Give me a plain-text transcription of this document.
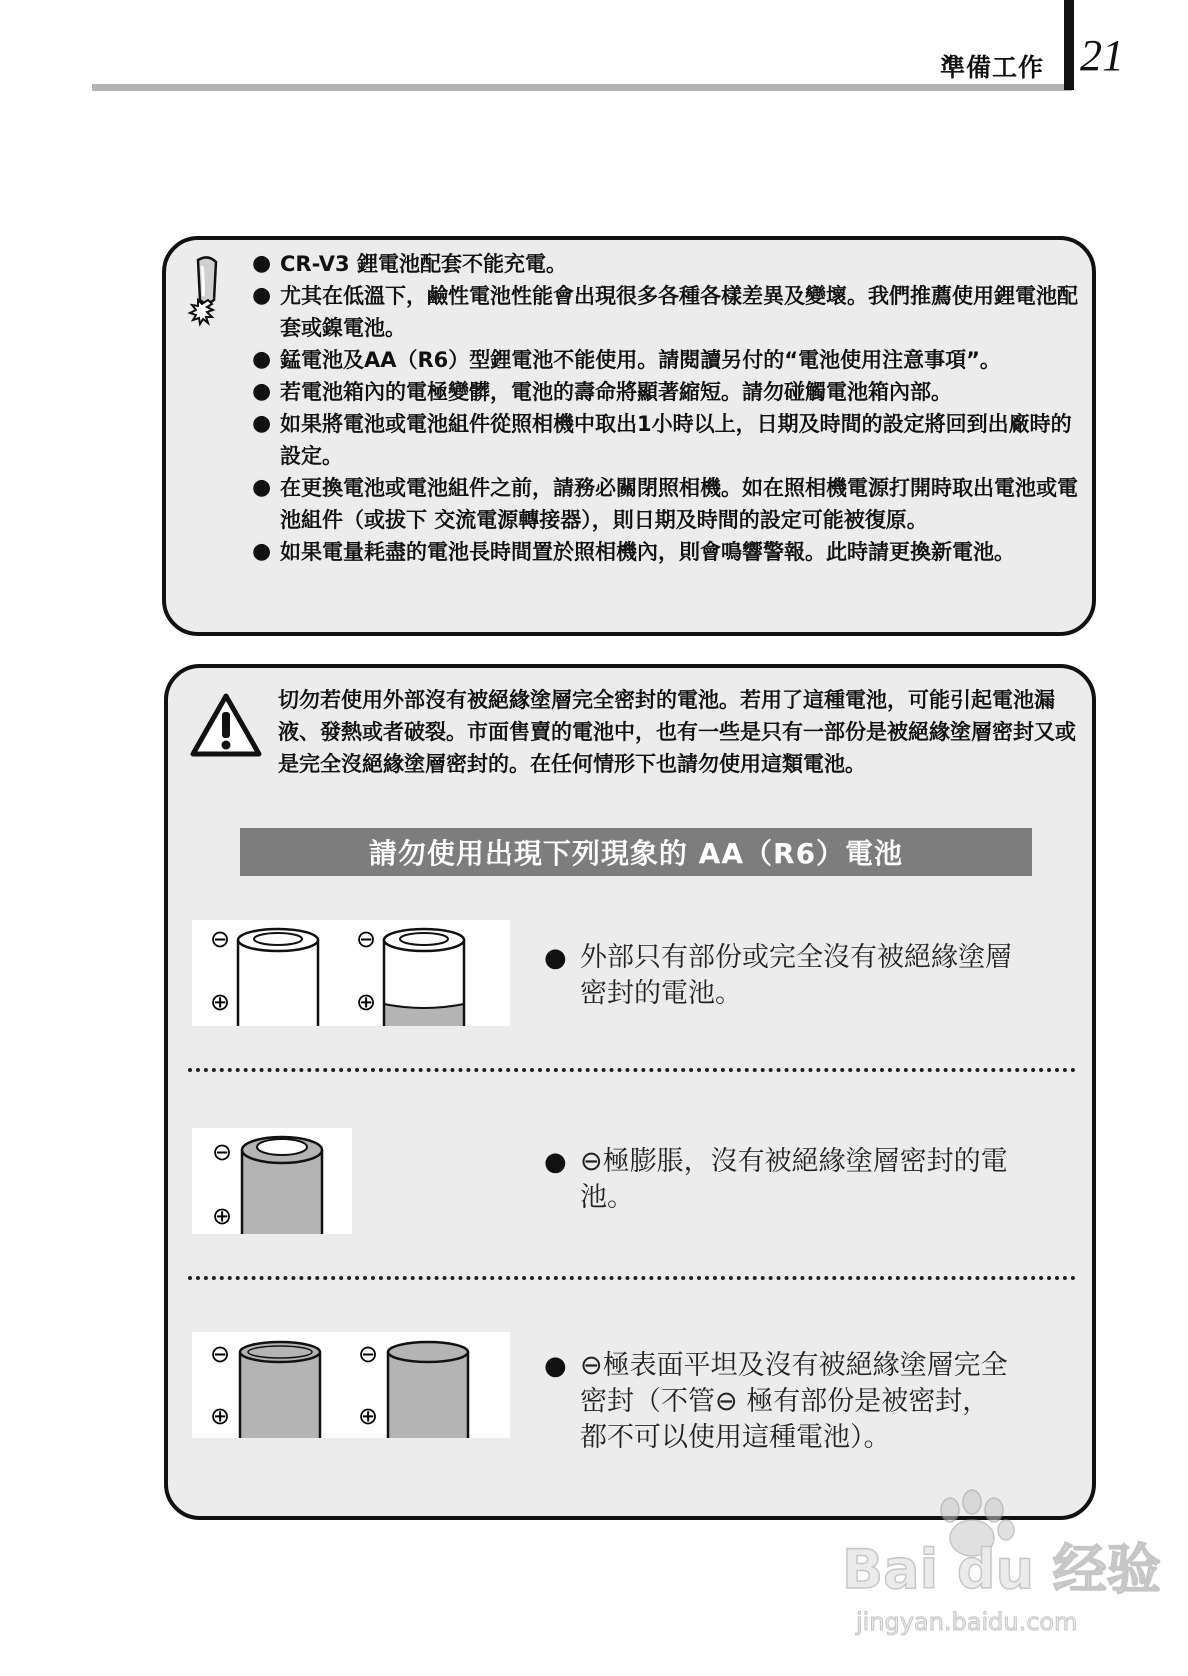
準備工作 21
● CR-V3 鋰電池配套不能充電。
● 尤其在低溫下，鹼性電池性能會出現很多各種各樣差異及變壞。我們推薦使用鋰電池配套或鎳電池。
● 錳電池及AA（R6）型鋰電池不能使用。請閱讀另付的“電池使用注意事項”。
● 若電池箱內的電極變髒，電池的壽命將顯著縮短。請勿碰觸電池箱內部。
● 如果將電池或電池組件從照相機中取出1小時以上，日期及時間的設定將回到出廠時的設定。
● 在更換電池或電池組件之前，請務必關閉照相機。如在照相機電源打開時取出電池或電池組件（或拔下 交流電源轉接器），則日期及時間的設定可能被復原。
● 如果電量耗盡的電池長時間置於照相機內，則會鳴響警報。此時請更換新電池。
切勿若使用外部沒有被絕緣塗層完全密封的電池。若用了這種電池，可能引起電池漏液、發熱或者破裂。市面售賣的電池中，也有一些是只有一部份是被絕緣塗層密封又或是完全沒絕緣塗層密封的。在任何情形下也請勿使用這類電池。
請勿使用出現下列現象的 AA（R6）電池
⊖
⊕
⊖
⊕
● 外部只有部份或完全沒有被絕緣塗層密封的電池。
⊖
⊕
● ⊖極膨脹，沒有被絕緣塗層密封的電池。
⊖
⊕
⊖
⊕
● ⊖極表面平坦及沒有被絕緣塗層完全密封（不管⊖ 極有部份是被密封，都不可以使用這種電池）。
Bai du 经验
jingyan.baidu.com
